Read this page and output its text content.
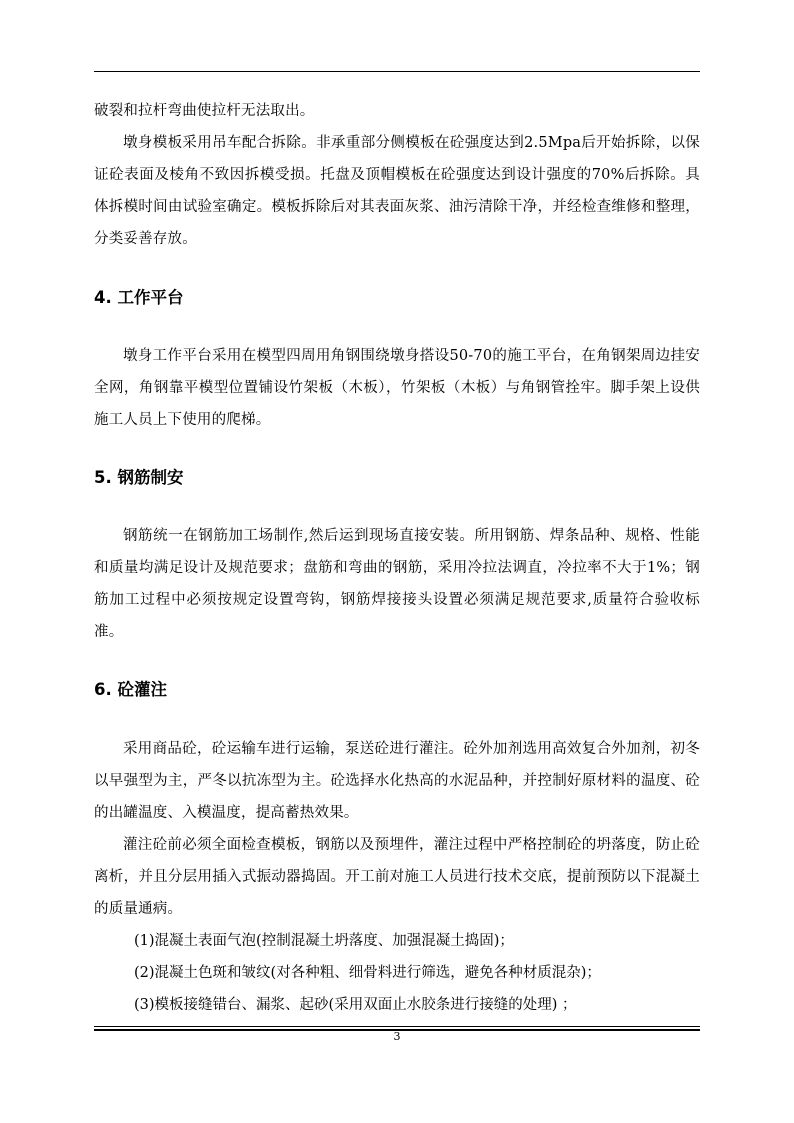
破裂和拉杆弯曲使拉杆无法取出。

墩身模板采用吊车配合拆除。非承重部分侧模板在砼强度达到2.5Mpa后开始拆除，以保证砼表面及棱角不致因拆模受损。托盘及顶帽模板在砼强度达到设计强度的70%后拆除。具体拆模时间由试验室确定。模板拆除后对其表面灰浆、油污清除干净，并经检查维修和整理，分类妥善存放。

4. 工作平台

墩身工作平台采用在模型四周用角钢围绕墩身搭设50-70的施工平台，在角钢架周边挂安全网，角钢靠平模型位置铺设竹架板（木板），竹架板（木板）与角钢管拴牢。脚手架上设供施工人员上下使用的爬梯。

5. 钢筋制安

钢筋统一在钢筋加工场制作,然后运到现场直接安装。所用钢筋、焊条品种、规格、性能和质量均满足设计及规范要求；盘筋和弯曲的钢筋，采用冷拉法调直，冷拉率不大于1%；钢筋加工过程中必须按规定设置弯钩，钢筋焊接接头设置必须满足规范要求,质量符合验收标准。

6. 砼灌注

采用商品砼，砼运输车进行运输，泵送砼进行灌注。砼外加剂选用高效复合外加剂，初冬以早强型为主，严冬以抗冻型为主。砼选择水化热高的水泥品种，并控制好原材料的温度、砼的出罐温度、入模温度，提高蓄热效果。

灌注砼前必须全面检查模板，钢筋以及预埋件，灌注过程中严格控制砼的坍落度，防止砼离析，并且分层用插入式振动器捣固。开工前对施工人员进行技术交底，提前预防以下混凝土的质量通病。

(1)混凝土表面气泡(控制混凝土坍落度、加强混凝土捣固)；

(2)混凝土色斑和皱纹(对各种粗、细骨料进行筛选，避免各种材质混杂)；

(3)模板接缝错台、漏浆、起砂(采用双面止水胶条进行接缝的处理) ；

3
